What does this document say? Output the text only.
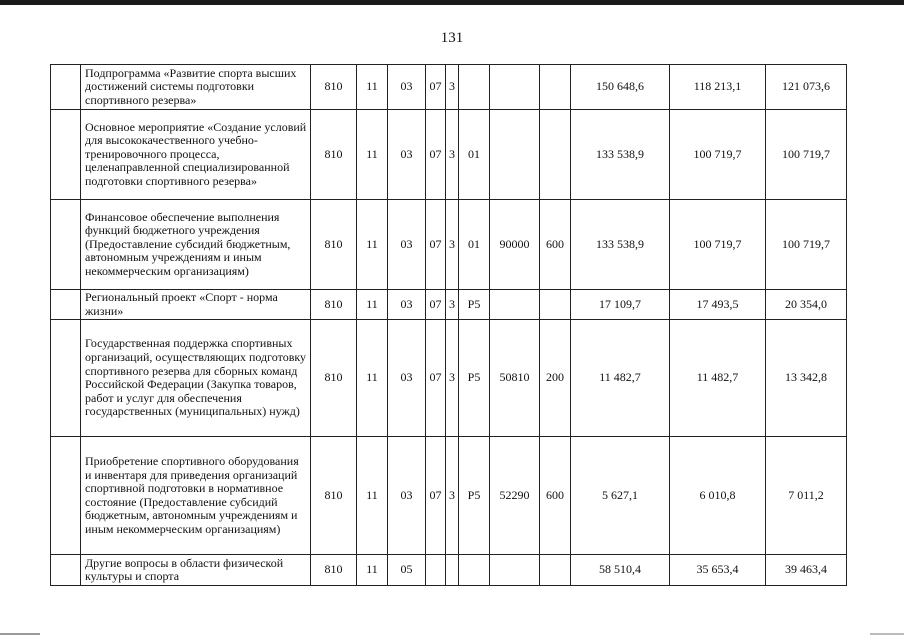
131
	Подпрограмма «Развитие спорта высших достижений системы подготовки спортивного резерва»	810	11	03	07	3				150 648,6	118 213,1	121 073,6
	Основное мероприятие «Создание условий для высококачественного учебно-тренировочного процесса, целенаправленной специализированной подготовки спортивного резерва»	810	11	03	07	3	01			133 538,9	100 719,7	100 719,7
	Финансовое обеспечение выполнения функций бюджетного учреждения (Предоставление субсидий бюджетным, автономным учреждениям и иным некоммерческим организациям)	810	11	03	07	3	01	90000	600	133 538,9	100 719,7	100 719,7
	Региональный проект «Спорт - норма жизни»	810	11	03	07	3	Р5			17 109,7	17 493,5	20 354,0
	Государственная поддержка спортивных организаций, осуществляющих подготовку спортивного резерва для сборных команд Российской Федерации (Закупка товаров, работ и услуг для обеспечения государственных (муниципальных) нужд)	810	11	03	07	3	Р5	50810	200	11 482,7	11 482,7	13 342,8
	Приобретение спортивного оборудования и инвентаря для приведения организаций спортивной подготовки в нормативное состояние (Предоставление субсидий бюджетным, автономным учреждениям и иным некоммерческим организациям)	810	11	03	07	3	Р5	52290	600	5 627,1	6 010,8	7 011,2
	Другие вопросы в области физической культуры и спорта	810	11	05						58 510,4	35 653,4	39 463,4
